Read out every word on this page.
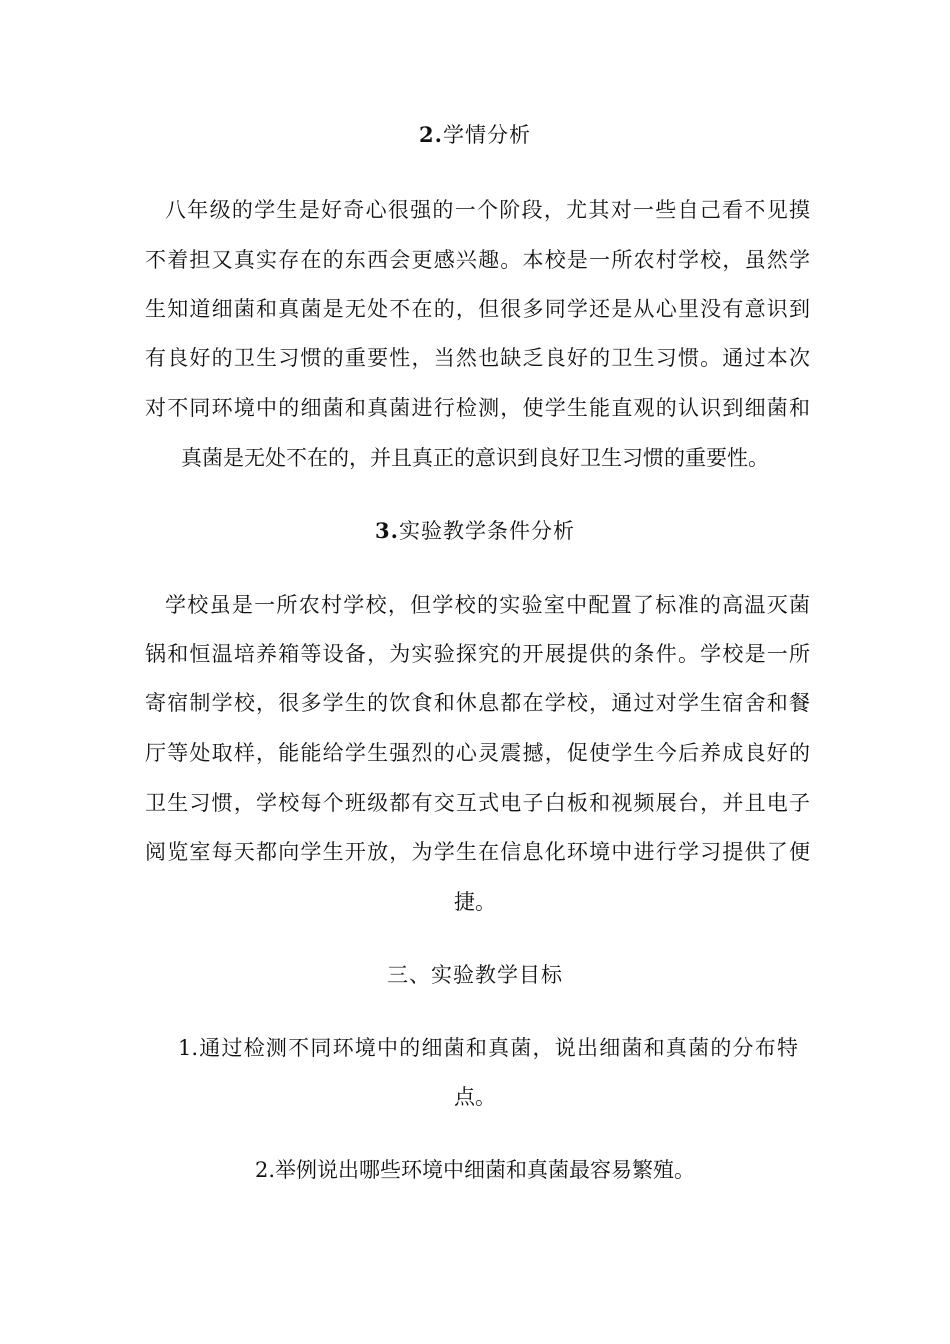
2.学情分析
八年级的学生是好奇心很强的一个阶段，尤其对一些自己看不见摸
不着担又真实存在的东西会更感兴趣。本校是一所农村学校，虽然学
生知道细菌和真菌是无处不在的，但很多同学还是从心里没有意识到
有良好的卫生习惯的重要性，当然也缺乏良好的卫生习惯。通过本次
对不同环境中的细菌和真菌进行检测，使学生能直观的认识到细菌和
真菌是无处不在的，并且真正的意识到良好卫生习惯的重要性。
3.实验教学条件分析
学校虽是一所农村学校，但学校的实验室中配置了标准的高温灭菌
锅和恒温培养箱等设备，为实验探究的开展提供的条件。学校是一所
寄宿制学校，很多学生的饮食和休息都在学校，通过对学生宿舍和餐
厅等处取样，能能给学生强烈的心灵震撼，促使学生今后养成良好的
卫生习惯，学校每个班级都有交互式电子白板和视频展台，并且电子
阅览室每天都向学生开放，为学生在信息化环境中进行学习提供了便
捷。
三、实验教学目标
1.通过检测不同环境中的细菌和真菌，说出细菌和真菌的分布特
点。
2.举例说出哪些环境中细菌和真菌最容易繁殖。
